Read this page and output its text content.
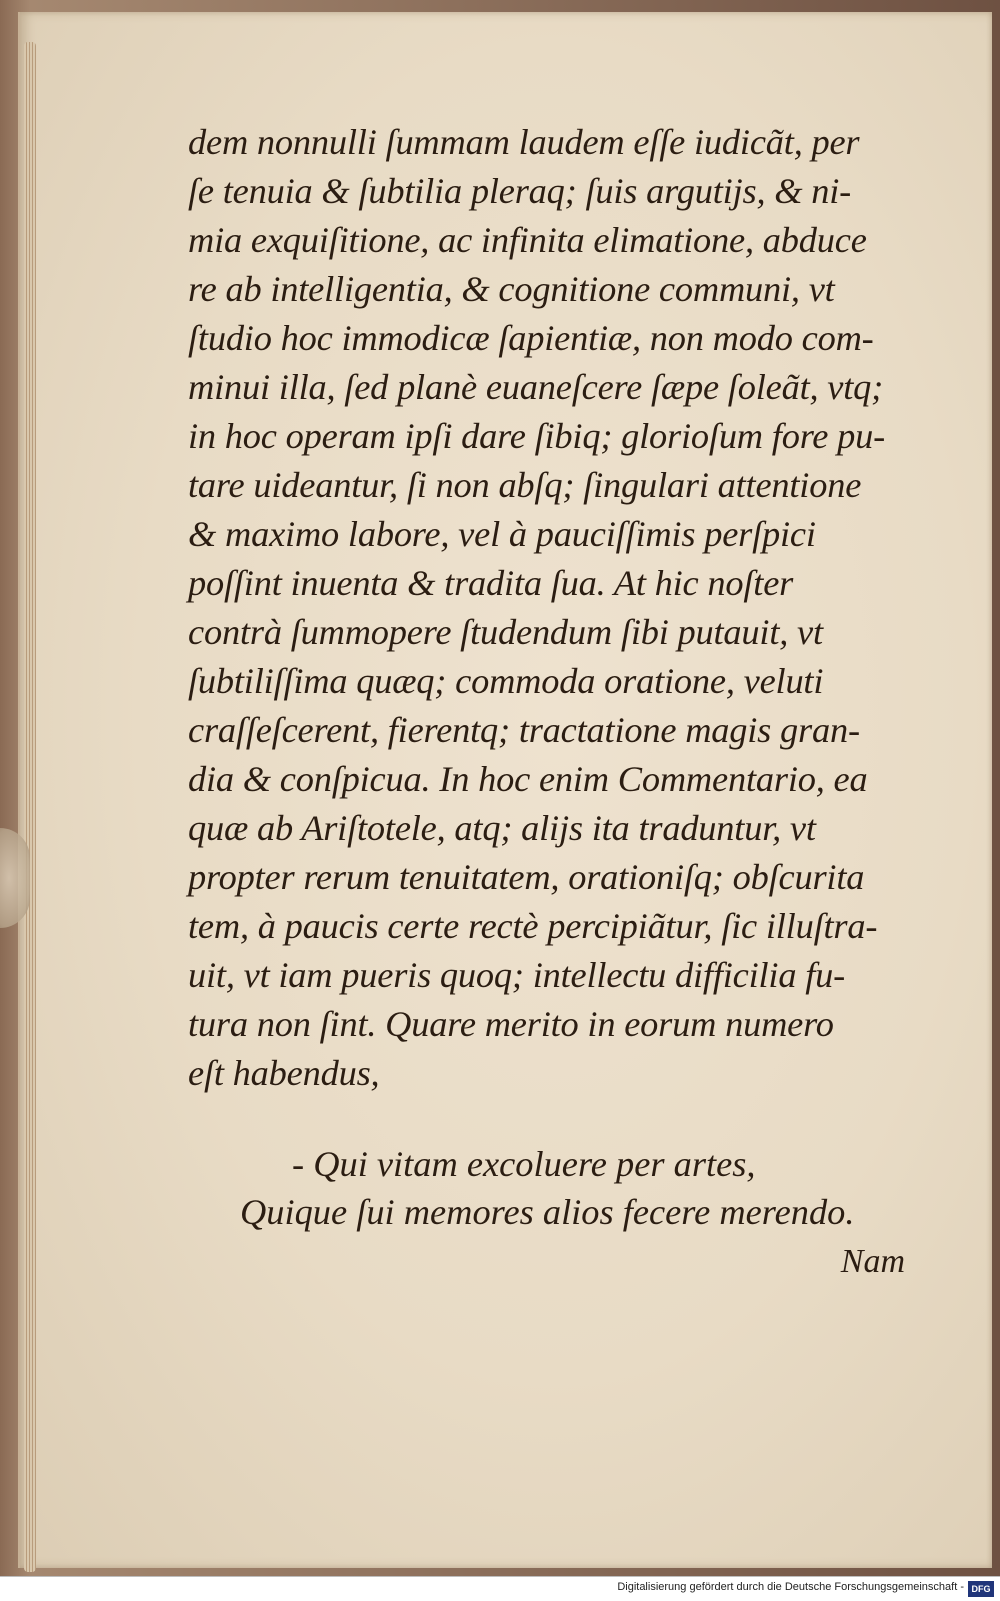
dem nonnulli ſummam laudem eſſe iudicãt, per
ſe tenuia & ſubtilia pleraq; ſuis argutijs, & ni-
mia exquiſitione, ac infinita elimatione, abduce
re ab intelligentia, & cognitione communi, vt
ſtudio hoc immodicæ ſapientiæ, non modo com-
minui illa, ſed planè euaneſcere ſæpe ſoleãt, vtq;
in hoc operam ipſi dare ſibiq; glorioſum fore pu-
tare uideantur, ſi non abſq; ſingulari attentione
& maximo labore, vel à pauciſſimis perſpici
poſſint inuenta & tradita ſua. At hic noſter
contrà ſummopere ſtudendum ſibi putauit, vt
ſubtiliſſima quæq; commoda oratione, veluti
craſſeſcerent, fierentq; tractatione magis gran-
dia & conſpicua. In hoc enim Commentario, ea
quæ ab Ariſtotele, atq; alijs ita traduntur, vt
propter rerum tenuitatem, orationiſq; obſcurita
tem, à paucis certe rectè percipiãtur, ſic illuſtra-
uit, vt iam pueris quoq; intellectu difficilia fu-
tura non ſint. Quare merito in eorum numero
eſt habendus,
- Qui vitam excoluere per artes,
Quique ſui memores alios fecere merendo.
Nam
Digitalisierung gefördert durch die Deutsche Forschungsgemeinschaft - DFG
